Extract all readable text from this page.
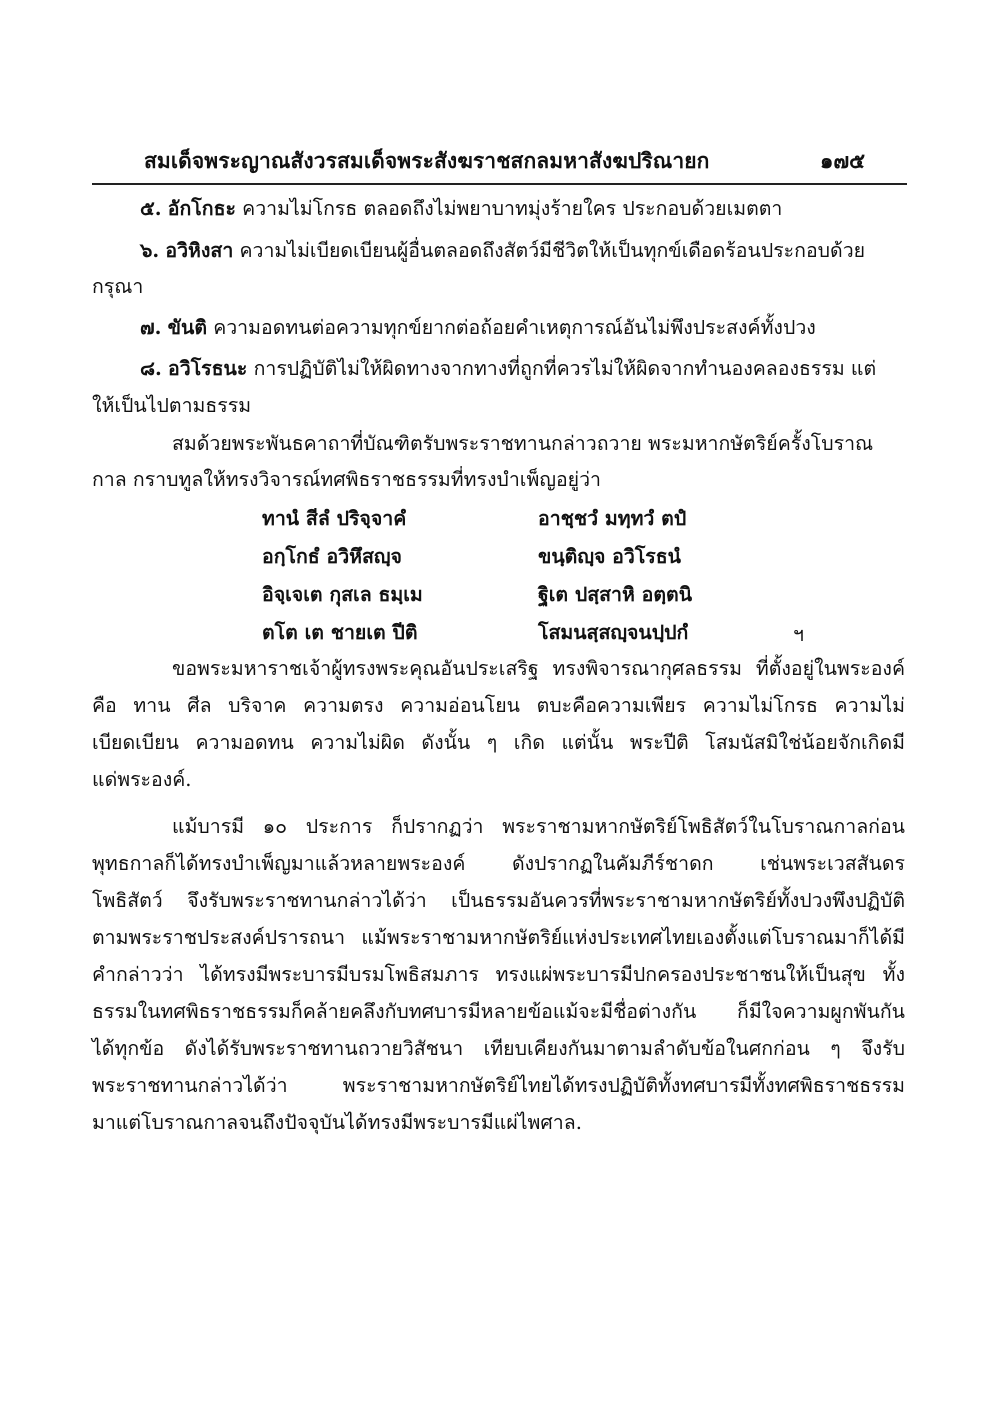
สมเด็จพระญาณสังวรสมเด็จพระสังฆราชสกลมหาสังฆปริณายก	๑๗๕
๕. อักโกธะ ความไม่โกรธ ตลอดถึงไม่พยาบาทมุ่งร้ายใคร ประกอบด้วยเมตตา
๖. อวิหิงสา ความไม่เบียดเบียนผู้อื่นตลอดถึงสัตว์มีชีวิตให้เป็นทุกข์เดือดร้อนประกอบด้วย
กรุณา
๗. ขันติ ความอดทนต่อความทุกข์ยากต่อถ้อยคำเหตุการณ์อันไม่พึงประสงค์ทั้งปวง
๘. อวิโรธนะ การปฏิบัติไม่ให้ผิดทางจากทางที่ถูกที่ควรไม่ให้ผิดจากทำนองคลองธรรม แต่
ให้เป็นไปตามธรรม
สมด้วยพระพันธคาถาที่บัณฑิตรับพระราชทานกล่าวถวาย พระมหากษัตริย์ครั้งโบราณ
กาล กราบทูลให้ทรงวิจารณ์ทศพิธราชธรรมที่ทรงบำเพ็ญอยู่ว่า
ทานํ สีลํ ปริจฺจาคํ	อาชฺชวํ มทฺทวํ ตปํ
อกฺโกธํ อวิหึสญฺจ	ขนฺติญฺจ อวิโรธนํ
อิจฺเจเต กุสเล ธมฺเม	ฐิเต ปสฺสาหิ อตฺตนิ
ตโต เต ชายเต ปีติ	โสมนสฺสญฺจนปฺปกํ	ฯ
ขอพระมหาราชเจ้าผู้ทรงพระคุณอันประเสริฐ ทรงพิจารณากุศลธรรม ที่ตั้งอยู่ในพระองค์
คือ ทาน ศีล บริจาค ความตรง ความอ่อนโยน ตบะคือความเพียร ความไม่โกรธ ความไม่
เบียดเบียน ความอดทน ความไม่ผิด ดังนั้น ๆ เกิด แต่นั้น พระปีติ โสมนัสมิใช่น้อยจักเกิดมี
แด่พระองค์.
แม้บารมี ๑๐ ประการ ก็ปรากฏว่า พระราชามหากษัตริย์โพธิสัตว์ในโบราณกาลก่อน
พุทธกาลก็ได้ทรงบำเพ็ญมาแล้วหลายพระองค์ ดังปรากฏในคัมภีร์ชาดก เช่นพระเวสสันดร
โพธิสัตว์ จึงรับพระราชทานกล่าวได้ว่า เป็นธรรมอันควรที่พระราชามหากษัตริย์ทั้งปวงพึงปฏิบัติ
ตามพระราชประสงค์ปรารถนา แม้พระราชามหากษัตริย์แห่งประเทศไทยเองตั้งแต่โบราณมาก็ได้มี
คำกล่าวว่า ได้ทรงมีพระบารมีบรมโพธิสมภาร ทรงแผ่พระบารมีปกครองประชาชนให้เป็นสุข ทั้ง
ธรรมในทศพิธราชธรรมก็คล้ายคลึงกับทศบารมีหลายข้อแม้จะมีชื่อต่างกัน ก็มีใจความผูกพันกัน
ได้ทุกข้อ ดังได้รับพระราชทานถวายวิสัชนา เทียบเคียงกันมาตามลำดับข้อในศกก่อน ๆ จึงรับ
พระราชทานกล่าวได้ว่า พระราชามหากษัตริย์ไทยได้ทรงปฏิบัติทั้งทศบารมีทั้งทศพิธราชธรรม
มาแต่โบราณกาลจนถึงปัจจุบันได้ทรงมีพระบารมีแผ่ไพศาล.
